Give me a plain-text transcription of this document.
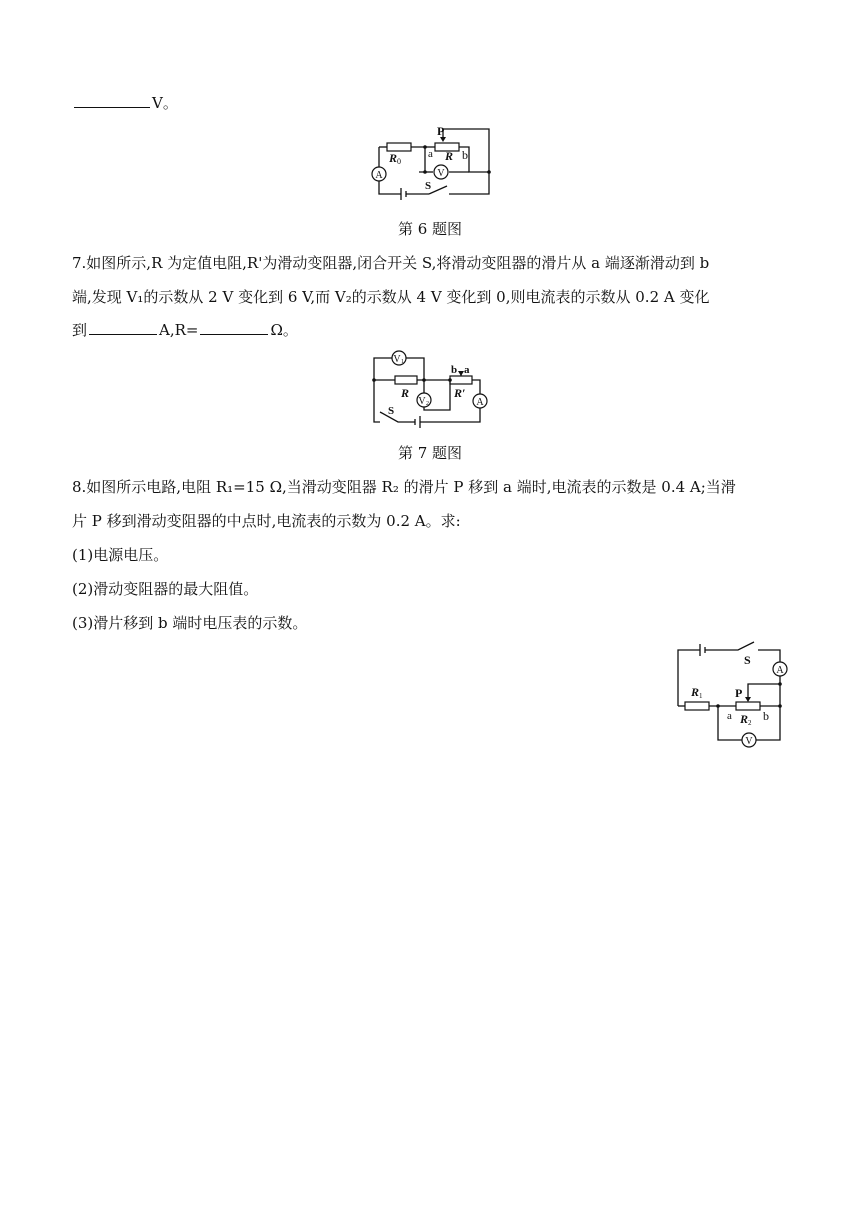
V。
A	V
P
a R b
R 0
S
第 6 题图
7.如图所示,R 为定值电阻,R'为滑动变阻器,闭合开关 S,将滑动变阻器的滑片从 a 端逐渐滑动到 b
端,发现 V₁的示数从 2 V 变化到 6 V,而 V₂的示数从 4 V 变化到 0,则电流表的示数从 0.2 A 变化
到	A,R=	Ω。
V 1
V 2	A
R	R′
b a
S
第 7 题图
8.如图所示电路,电阻 R₁=15 Ω,当滑动变阻器 R₂ 的滑片 P 移到 a 端时,电流表的示数是 0.4 A;当滑
片 P 移到滑动变阻器的中点时,电流表的示数为 0.2 A。求:
(1)电源电压。
(2)滑动变阻器的最大阻值。
(3)滑片移到 b 端时电压表的示数。
S
A
R 1	P
a R 2 b
V
